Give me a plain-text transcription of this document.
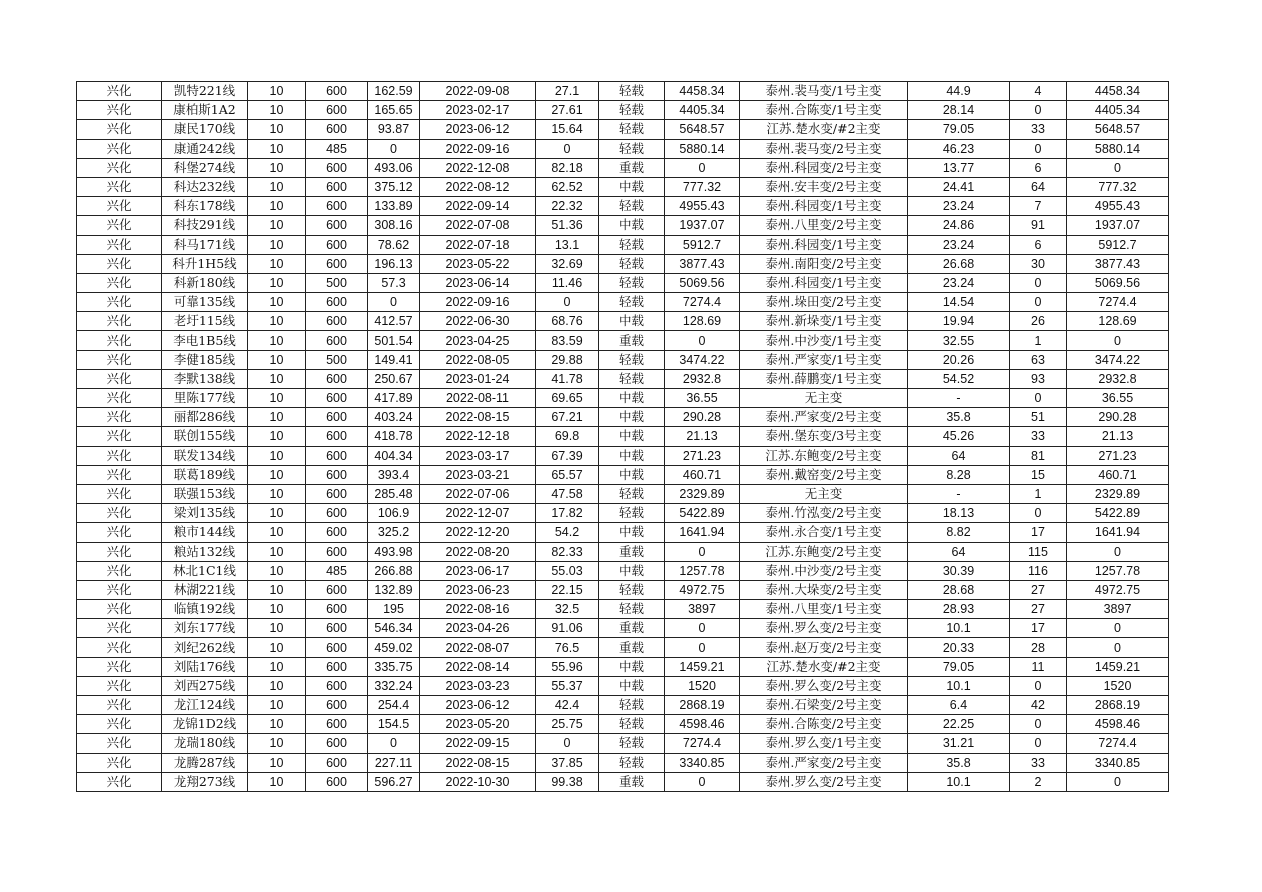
兴化	凯特221线	10	600	162.59	2022-09-08	27.1	轻载	4458.34	泰州.裴马变/1号主变	44.9	4	4458.34
兴化	康柏斯1A2	10	600	165.65	2023-02-17	27.61	轻载	4405.34	泰州.合陈变/1号主变	28.14	0	4405.34
兴化	康民170线	10	600	93.87	2023-06-12	15.64	轻载	5648.57	江苏.楚水变/#2主变	79.05	33	5648.57
兴化	康通242线	10	485	0	2022-09-16	0	轻载	5880.14	泰州.裴马变/2号主变	46.23	0	5880.14
兴化	科堡274线	10	600	493.06	2022-12-08	82.18	重载	0	泰州.科园变/2号主变	13.77	6	0
兴化	科达232线	10	600	375.12	2022-08-12	62.52	中载	777.32	泰州.安丰变/2号主变	24.41	64	777.32
兴化	科东178线	10	600	133.89	2022-09-14	22.32	轻载	4955.43	泰州.科园变/1号主变	23.24	7	4955.43
兴化	科技291线	10	600	308.16	2022-07-08	51.36	中载	1937.07	泰州.八里变/2号主变	24.86	91	1937.07
兴化	科马171线	10	600	78.62	2022-07-18	13.1	轻载	5912.7	泰州.科园变/1号主变	23.24	6	5912.7
兴化	科升1H5线	10	600	196.13	2023-05-22	32.69	轻载	3877.43	泰州.南阳变/2号主变	26.68	30	3877.43
兴化	科新180线	10	500	57.3	2023-06-14	11.46	轻载	5069.56	泰州.科园变/1号主变	23.24	0	5069.56
兴化	可靠135线	10	600	0	2022-09-16	0	轻载	7274.4	泰州.垛田变/2号主变	14.54	0	7274.4
兴化	老圩115线	10	600	412.57	2022-06-30	68.76	中载	128.69	泰州.新垛变/1号主变	19.94	26	128.69
兴化	李电1B5线	10	600	501.54	2023-04-25	83.59	重载	0	泰州.中沙变/1号主变	32.55	1	0
兴化	李健185线	10	500	149.41	2022-08-05	29.88	轻载	3474.22	泰州.严家变/1号主变	20.26	63	3474.22
兴化	李默138线	10	600	250.67	2023-01-24	41.78	轻载	2932.8	泰州.薛鹏变/1号主变	54.52	93	2932.8
兴化	里陈177线	10	600	417.89	2022-08-11	69.65	中载	36.55	无主变	-	0	36.55
兴化	丽都286线	10	600	403.24	2022-08-15	67.21	中载	290.28	泰州.严家变/2号主变	35.8	51	290.28
兴化	联创155线	10	600	418.78	2022-12-18	69.8	中载	21.13	泰州.堡东变/3号主变	45.26	33	21.13
兴化	联发134线	10	600	404.34	2023-03-17	67.39	中载	271.23	江苏.东鲍变/2号主变	64	81	271.23
兴化	联葛189线	10	600	393.4	2023-03-21	65.57	中载	460.71	泰州.戴窑变/2号主变	8.28	15	460.71
兴化	联强153线	10	600	285.48	2022-07-06	47.58	轻载	2329.89	无主变	-	1	2329.89
兴化	梁刘135线	10	600	106.9	2022-12-07	17.82	轻载	5422.89	泰州.竹泓变/2号主变	18.13	0	5422.89
兴化	粮市144线	10	600	325.2	2022-12-20	54.2	中载	1641.94	泰州.永合变/1号主变	8.82	17	1641.94
兴化	粮站132线	10	600	493.98	2022-08-20	82.33	重载	0	江苏.东鲍变/2号主变	64	115	0
兴化	林北1C1线	10	485	266.88	2023-06-17	55.03	中载	1257.78	泰州.中沙变/2号主变	30.39	116	1257.78
兴化	林湖221线	10	600	132.89	2023-06-23	22.15	轻载	4972.75	泰州.大垛变/2号主变	28.68	27	4972.75
兴化	临镇192线	10	600	195	2022-08-16	32.5	轻载	3897	泰州.八里变/1号主变	28.93	27	3897
兴化	刘东177线	10	600	546.34	2023-04-26	91.06	重载	0	泰州.罗么变/2号主变	10.1	17	0
兴化	刘纪262线	10	600	459.02	2022-08-07	76.5	重载	0	泰州.赵万变/2号主变	20.33	28	0
兴化	刘陆176线	10	600	335.75	2022-08-14	55.96	中载	1459.21	江苏.楚水变/#2主变	79.05	11	1459.21
兴化	刘西275线	10	600	332.24	2023-03-23	55.37	中载	1520	泰州.罗么变/2号主变	10.1	0	1520
兴化	龙江124线	10	600	254.4	2023-06-12	42.4	轻载	2868.19	泰州.石梁变/2号主变	6.4	42	2868.19
兴化	龙锦1D2线	10	600	154.5	2023-05-20	25.75	轻载	4598.46	泰州.合陈变/2号主变	22.25	0	4598.46
兴化	龙瑞180线	10	600	0	2022-09-15	0	轻载	7274.4	泰州.罗么变/1号主变	31.21	0	7274.4
兴化	龙腾287线	10	600	227.11	2022-08-15	37.85	轻载	3340.85	泰州.严家变/2号主变	35.8	33	3340.85
兴化	龙翔273线	10	600	596.27	2022-10-30	99.38	重载	0	泰州.罗么变/2号主变	10.1	2	0
